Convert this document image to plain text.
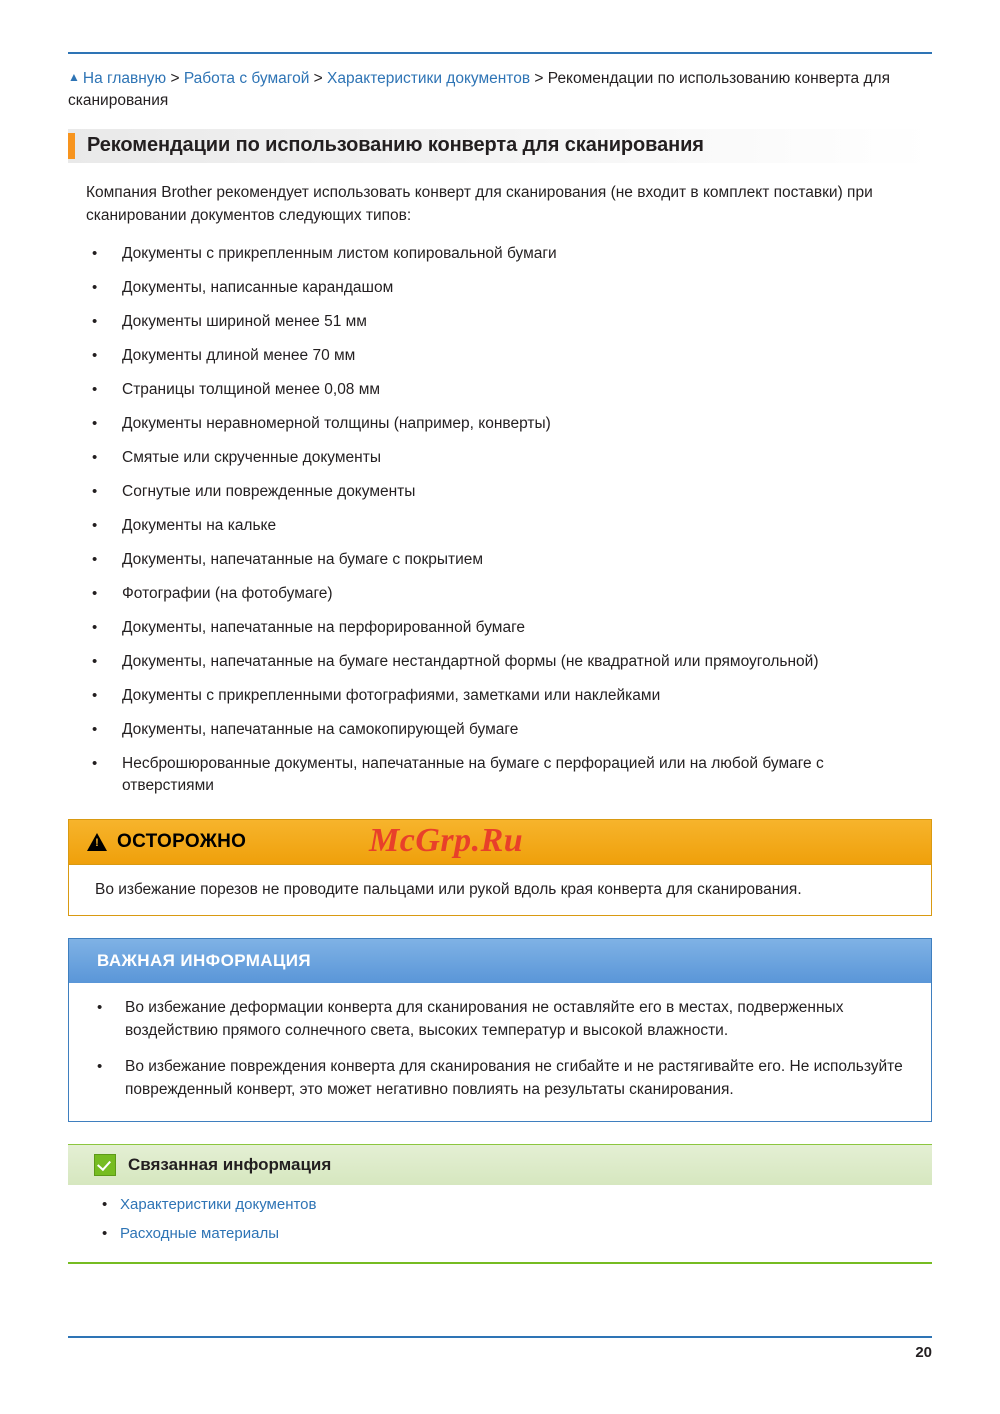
▲ На главную > Работа с бумагой > Характеристики документов > Рекомендации по использованию конверта для сканирования
Рекомендации по использованию конверта для сканирования

Компания Brother рекомендует использовать конверт для сканирования (не входит в комплект поставки) при сканировании документов следующих типов:

• Документы с прикрепленным листом копировальной бумаги
• Документы, написанные карандашом
• Документы шириной менее 51 мм
• Документы длиной менее 70 мм
• Страницы толщиной менее 0,08 мм
• Документы неравномерной толщины (например, конверты)
• Смятые или скрученные документы
• Согнутые или поврежденные документы
• Документы на кальке
• Документы, напечатанные на бумаге с покрытием
• Фотографии (на фотобумаге)
• Документы, напечатанные на перфорированной бумаге
• Документы, напечатанные на бумаге нестандартной формы (не квадратной или прямоугольной)
• Документы с прикрепленными фотографиями, заметками или наклейками
• Документы, напечатанные на самокопирующей бумаге
• Несброшюрованные документы, напечатанные на бумаге с перфорацией или на любой бумаге с отверстиями
! ОСТОРОЖНО	McGrp.Ru
Во избежание порезов не проводите пальцами или рукой вдоль края конверта для сканирования.
ВАЖНАЯ ИНФОРМАЦИЯ
• Во избежание деформации конверта для сканирования не оставляйте его в местах, подверженных воздействию прямого солнечного света, высоких температур и высокой влажности.
• Во избежание повреждения конверта для сканирования не сгибайте и не растягивайте его. Не используйте поврежденный конверт, это может негативно повлиять на результаты сканирования.
Связанная информация
• Характеристики документов
• Расходные материалы
20
